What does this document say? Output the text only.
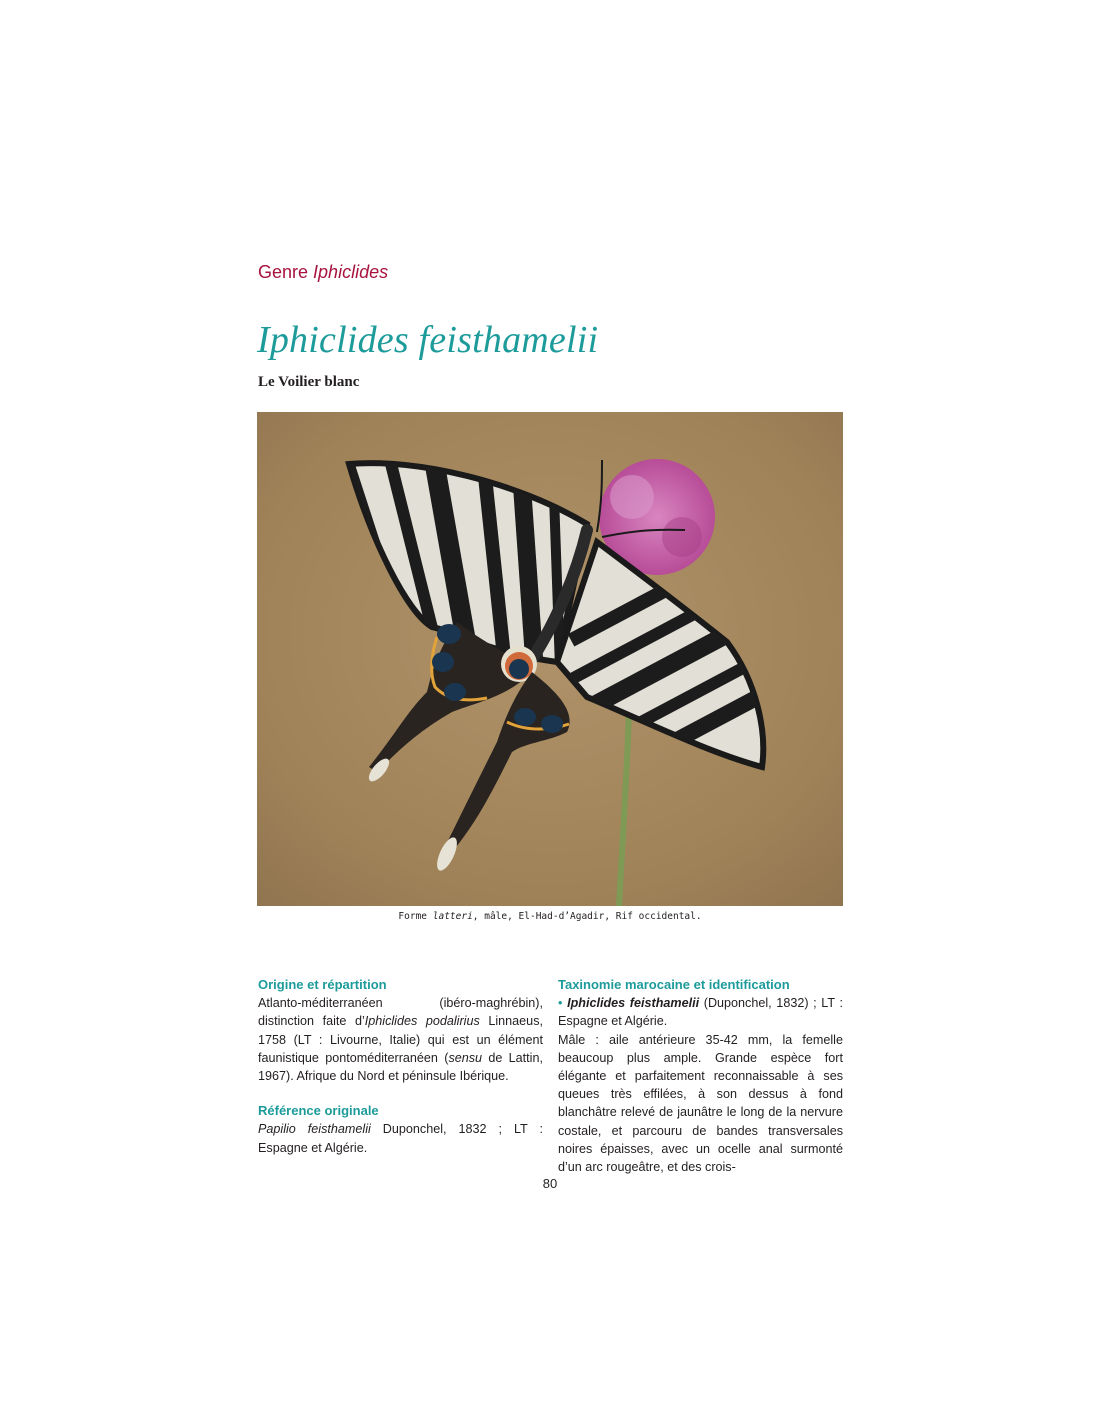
Genre Iphiclides
Iphiclides feisthamelii
Le Voilier blanc
Forme latteri, mâle, El-Had-d’Agadir, Rif occidental.

Origine et répartition

Atlanto-méditerranéen (ibéro-maghrébin), distinction faite d’Iphiclides podalirius Linnaeus, 1758 (LT : Livourne, Italie) qui est un élément faunistique pontoméditerranéen (sensu de Lattin, 1967). Afrique du Nord et péninsule Ibérique.

Référence originale

Papilio feisthamelii Duponchel, 1832 ; LT : Espagne et Algérie.

Taxinomie marocaine et identification

• Iphiclides feisthamelii (Duponchel, 1832) ; LT : Espagne et Algérie.

Mâle : aile antérieure 35-42 mm, la femelle beaucoup plus ample. Grande espèce fort élégante et parfaitement reconnaissable à ses queues très effilées, à son dessus à fond blanchâtre relevé de jaunâtre le long de la nervure costale, et parcouru de bandes transversales noires épaisses, avec un ocelle anal surmonté d’un arc rougeâtre, et des crois-

80
